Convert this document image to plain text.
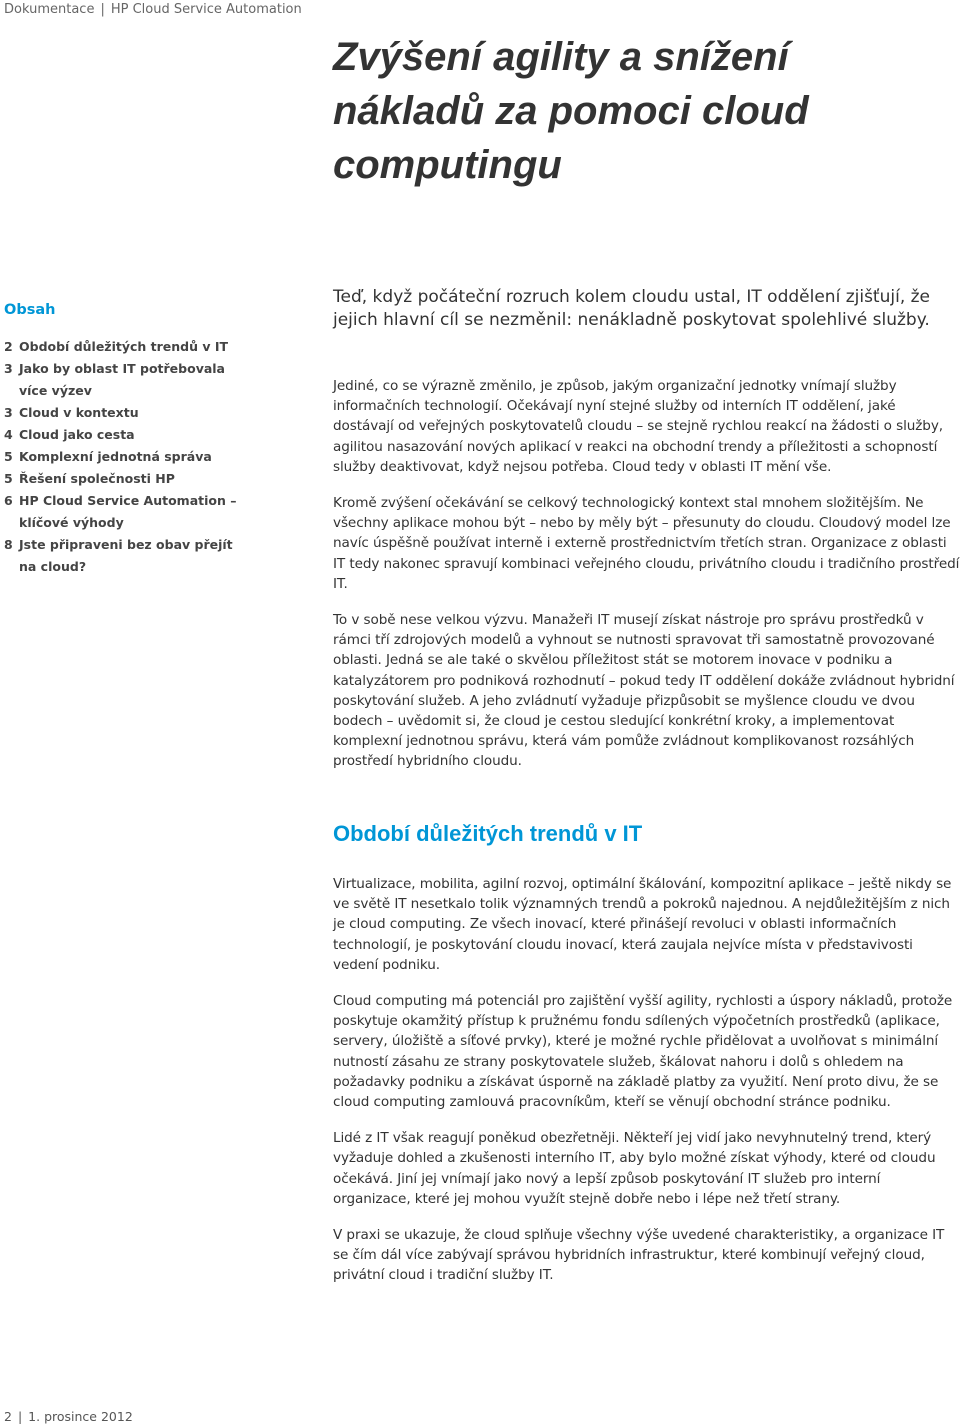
Dokumentace | HP Cloud Service Automation
Zvýšení agility a snížení nákladů za pomoci cloud computingu
Obsah
2 Období důležitých trendů v IT
3 Jako by oblast IT potřebovala více výzev
3 Cloud v kontextu
4 Cloud jako cesta
5 Komplexní jednotná správa
5 Řešení společnosti HP
6 HP Cloud Service Automation – klíčové výhody
8 Jste připraveni bez obav přejít na cloud?

Teď, když počáteční rozruch kolem cloudu ustal, IT oddělení zjišťují, že jejich hlavní cíl se nezměnil: nenákladně poskytovat spolehlivé služby.

Jediné, co se výrazně změnilo, je způsob, jakým organizační jednotky vnímají služby informačních technologií. Očekávají nyní stejné služby od interních IT oddělení, jaké dostávají od veřejných poskytovatelů cloudu – se stejně rychlou reakcí na žádosti o služby, agilitou nasazování nových aplikací v reakci na obchodní trendy a příležitosti a schopností služby deaktivovat, když nejsou potřeba. Cloud tedy v oblasti IT mění vše.

Kromě zvýšení očekávání se celkový technologický kontext stal mnohem složitějším. Ne všechny aplikace mohou být – nebo by měly být – přesunuty do cloudu. Cloudový model lze navíc úspěšně používat interně i externě prostřednictvím třetích stran. Organizace z oblasti IT tedy nakonec spravují kombinaci veřejného cloudu, privátního cloudu i tradičního prostředí IT.

To v sobě nese velkou výzvu. Manažeři IT musejí získat nástroje pro správu prostředků v rámci tří zdrojových modelů a vyhnout se nutnosti spravovat tři samostatně provozované oblasti. Jedná se ale také o skvělou příležitost stát se motorem inovace v podniku a katalyzátorem pro podniková rozhodnutí – pokud tedy IT oddělení dokáže zvládnout hybridní poskytování služeb. A jeho zvládnutí vyžaduje přizpůsobit se myšlence cloudu ve dvou bodech – uvědomit si, že cloud je cestou sledující konkrétní kroky, a implementovat komplexní jednotnou správu, která vám pomůže zvládnout komplikovanost rozsáhlých prostředí hybridního cloudu.

Období důležitých trendů v IT

Virtualizace, mobilita, agilní rozvoj, optimální škálování, kompozitní aplikace – ještě nikdy se ve světě IT nesetkalo tolik významných trendů a pokroků najednou. A nejdůležitějším z nich je cloud computing. Ze všech inovací, které přinášejí revoluci v oblasti informačních technologií, je poskytování cloudu inovací, která zaujala nejvíce místa v představivosti vedení podniku.

Cloud computing má potenciál pro zajištění vyšší agility, rychlosti a úspory nákladů, protože poskytuje okamžitý přístup k pružnému fondu sdílených výpočetních prostředků (aplikace, servery, úložiště a síťové prvky), které je možné rychle přidělovat a uvolňovat s minimální nutností zásahu ze strany poskytovatele služeb, škálovat nahoru i dolů s ohledem na požadavky podniku a získávat úsporně na základě platby za využití. Není proto divu, že se cloud computing zamlouvá pracovníkům, kteří se věnují obchodní stránce podniku.

Lidé z IT však reagují poněkud obezřetněji. Někteří jej vidí jako nevyhnutelný trend, který vyžaduje dohled a zkušenosti interního IT, aby bylo možné získat výhody, které od cloudu očekává. Jiní jej vnímají jako nový a lepší způsob poskytování IT služeb pro interní organizace, které jej mohou využít stejně dobře nebo i lépe než třetí strany.

V praxi se ukazuje, že cloud splňuje všechny výše uvedené charakteristiky, a organizace IT se čím dál více zabývají správou hybridních infrastruktur, které kombinují veřejný cloud, privátní cloud i tradiční služby IT.

2 | 1. prosince 2012
